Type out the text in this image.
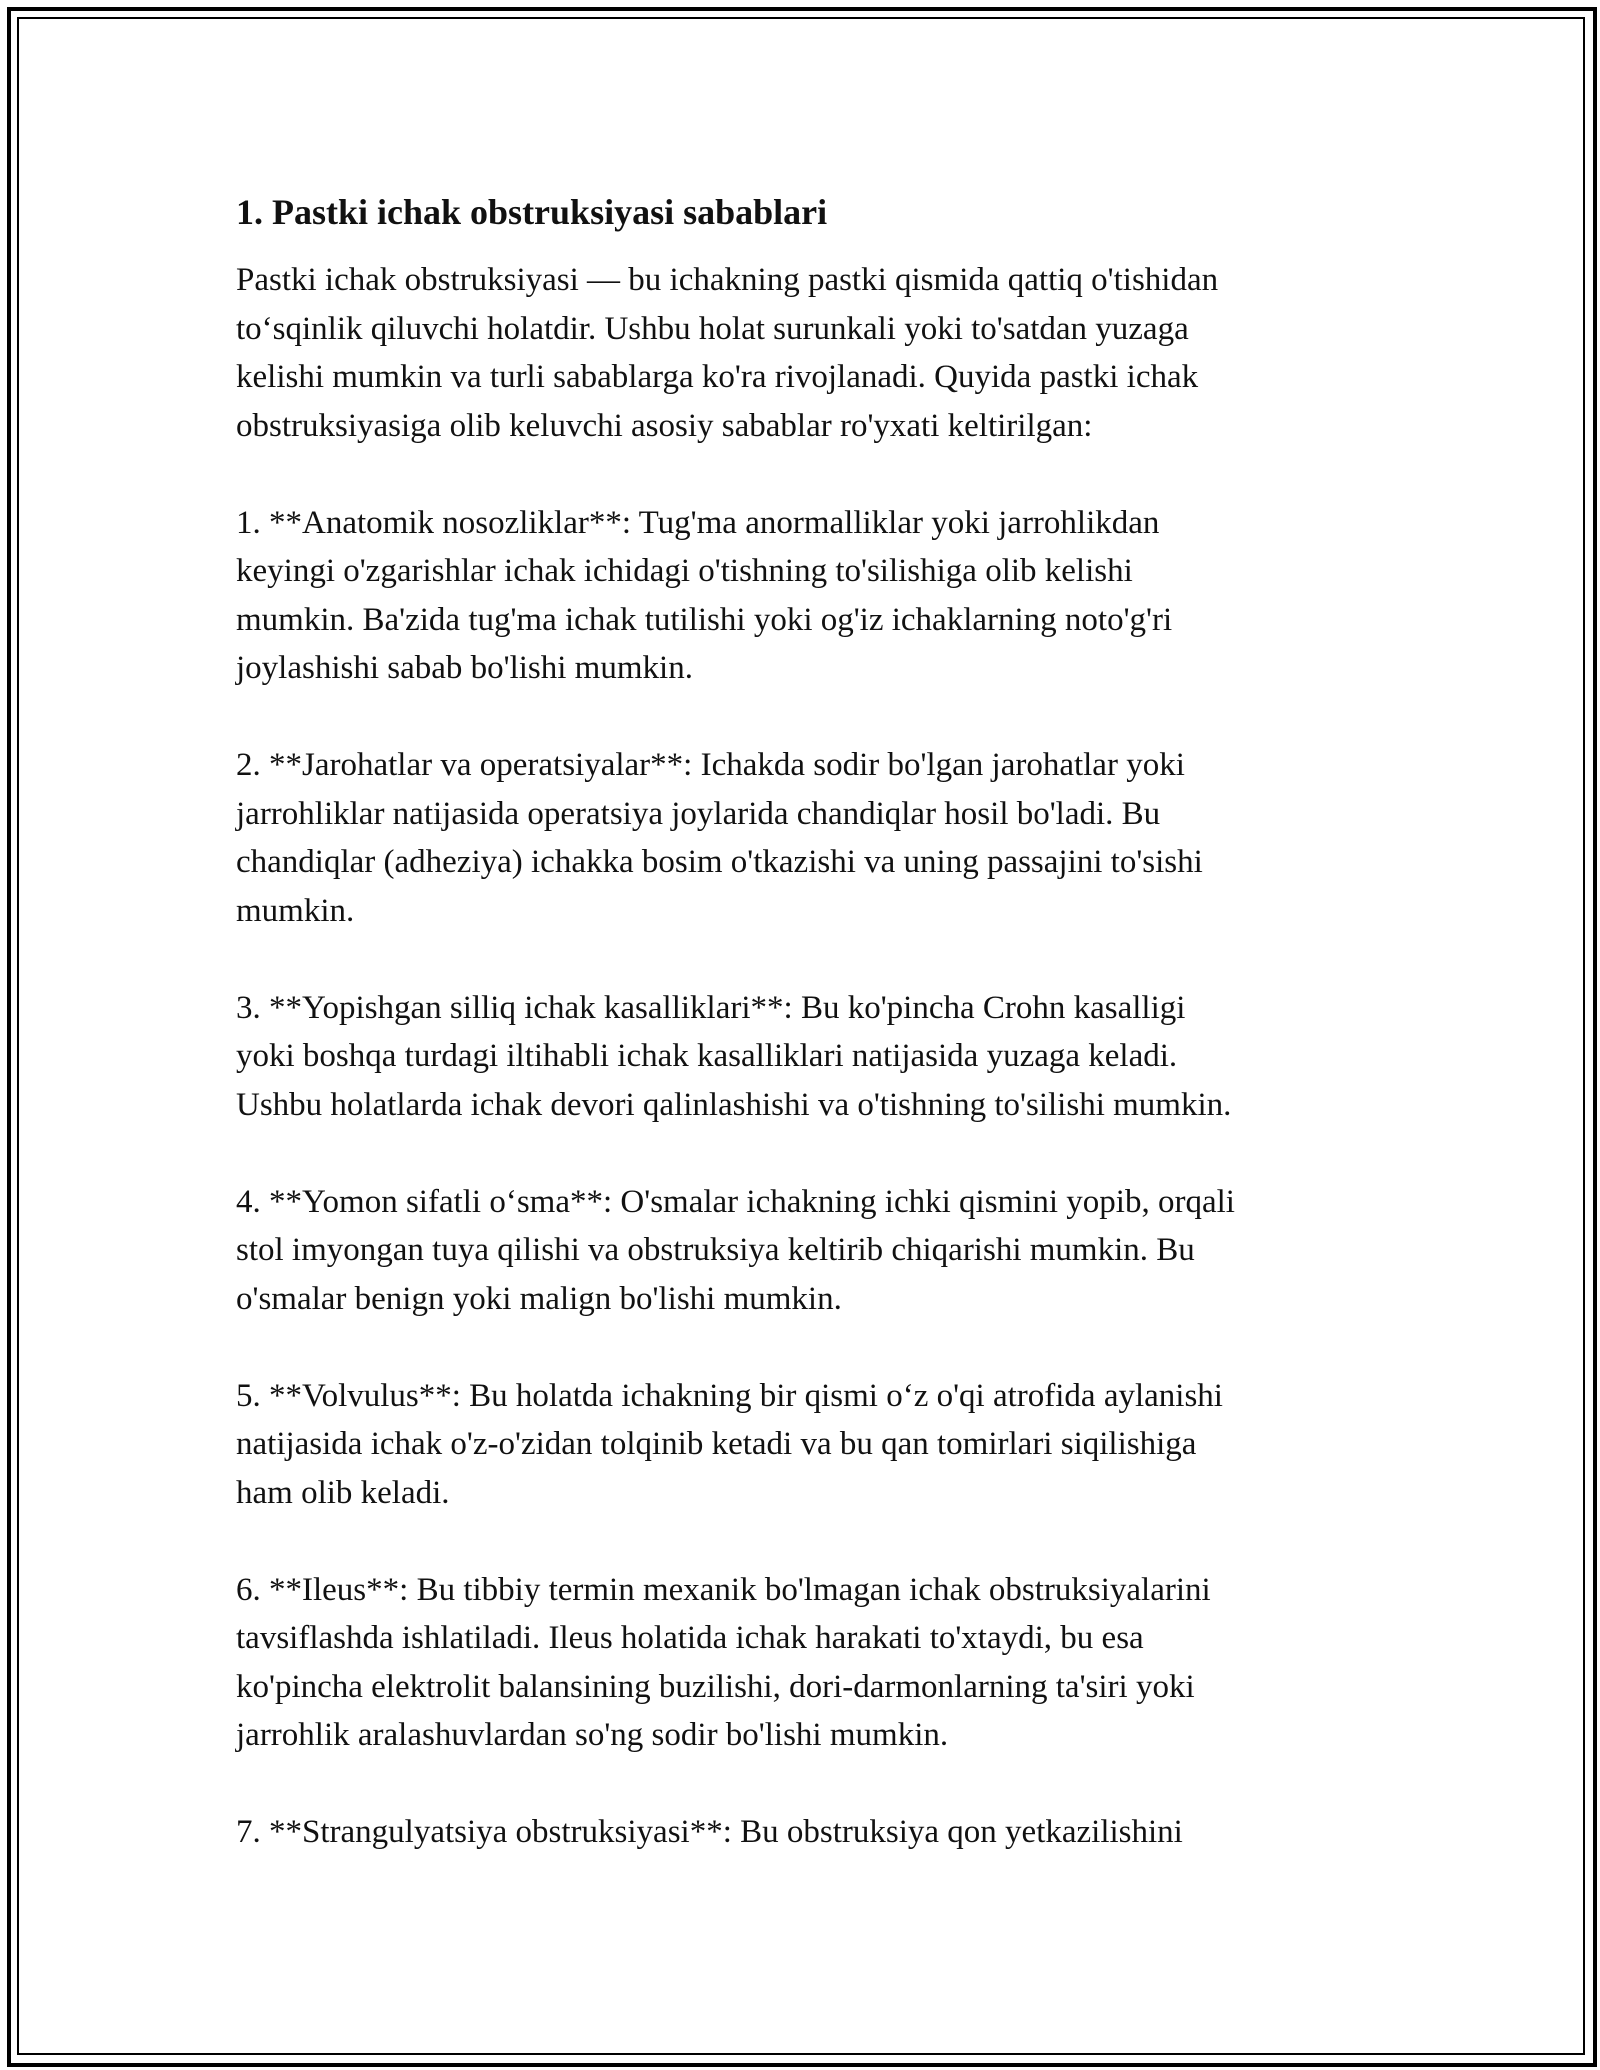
1. Pastki ichak obstruksiyasi sabablari

Pastki ichak obstruksiyasi — bu ichakning pastki qismida qattiq o'tishidan
to‘sqinlik qiluvchi holatdir. Ushbu holat surunkali yoki to'satdan yuzaga
kelishi mumkin va turli sabablarga ko'ra rivojlanadi. Quyida pastki ichak
obstruksiyasiga olib keluvchi asosiy sabablar ro'yxati keltirilgan:

1. **Anatomik nosozliklar**: Tug'ma anormalliklar yoki jarrohlikdan
keyingi o'zgarishlar ichak ichidagi o'tishning to'silishiga olib kelishi
mumkin. Ba'zida tug'ma ichak tutilishi yoki og'iz ichaklarning noto'g'ri
joylashishi sabab bo'lishi mumkin.

2. **Jarohatlar va operatsiyalar**: Ichakda sodir bo'lgan jarohatlar yoki
jarrohliklar natijasida operatsiya joylarida chandiqlar hosil bo'ladi. Bu
chandiqlar (adheziya) ichakka bosim o'tkazishi va uning passajini to'sishi
mumkin.

3. **Yopishgan silliq ichak kasalliklari**: Bu ko'pincha Crohn kasalligi
yoki boshqa turdagi iltihabli ichak kasalliklari natijasida yuzaga keladi.
Ushbu holatlarda ichak devori qalinlashishi va o'tishning to'silishi mumkin.

4. **Yomon sifatli o‘sma**: O'smalar ichakning ichki qismini yopib, orqali
stol imyongan tuya qilishi va obstruksiya keltirib chiqarishi mumkin. Bu
o'smalar benign yoki malign bo'lishi mumkin.

5. **Volvulus**: Bu holatda ichakning bir qismi o‘z o'qi atrofida aylanishi
natijasida ichak o'z-o'zidan tolqinib ketadi va bu qan tomirlari siqilishiga
ham olib keladi.

6. **Ileus**: Bu tibbiy termin mexanik bo'lmagan ichak obstruksiyalarini
tavsiflashda ishlatiladi. Ileus holatida ichak harakati to'xtaydi, bu esa
ko'pincha elektrolit balansining buzilishi, dori-darmonlarning ta'siri yoki
jarrohlik aralashuvlardan so'ng sodir bo'lishi mumkin.

7. **Strangulyatsiya obstruksiyasi**: Bu obstruksiya qon yetkazilishini
